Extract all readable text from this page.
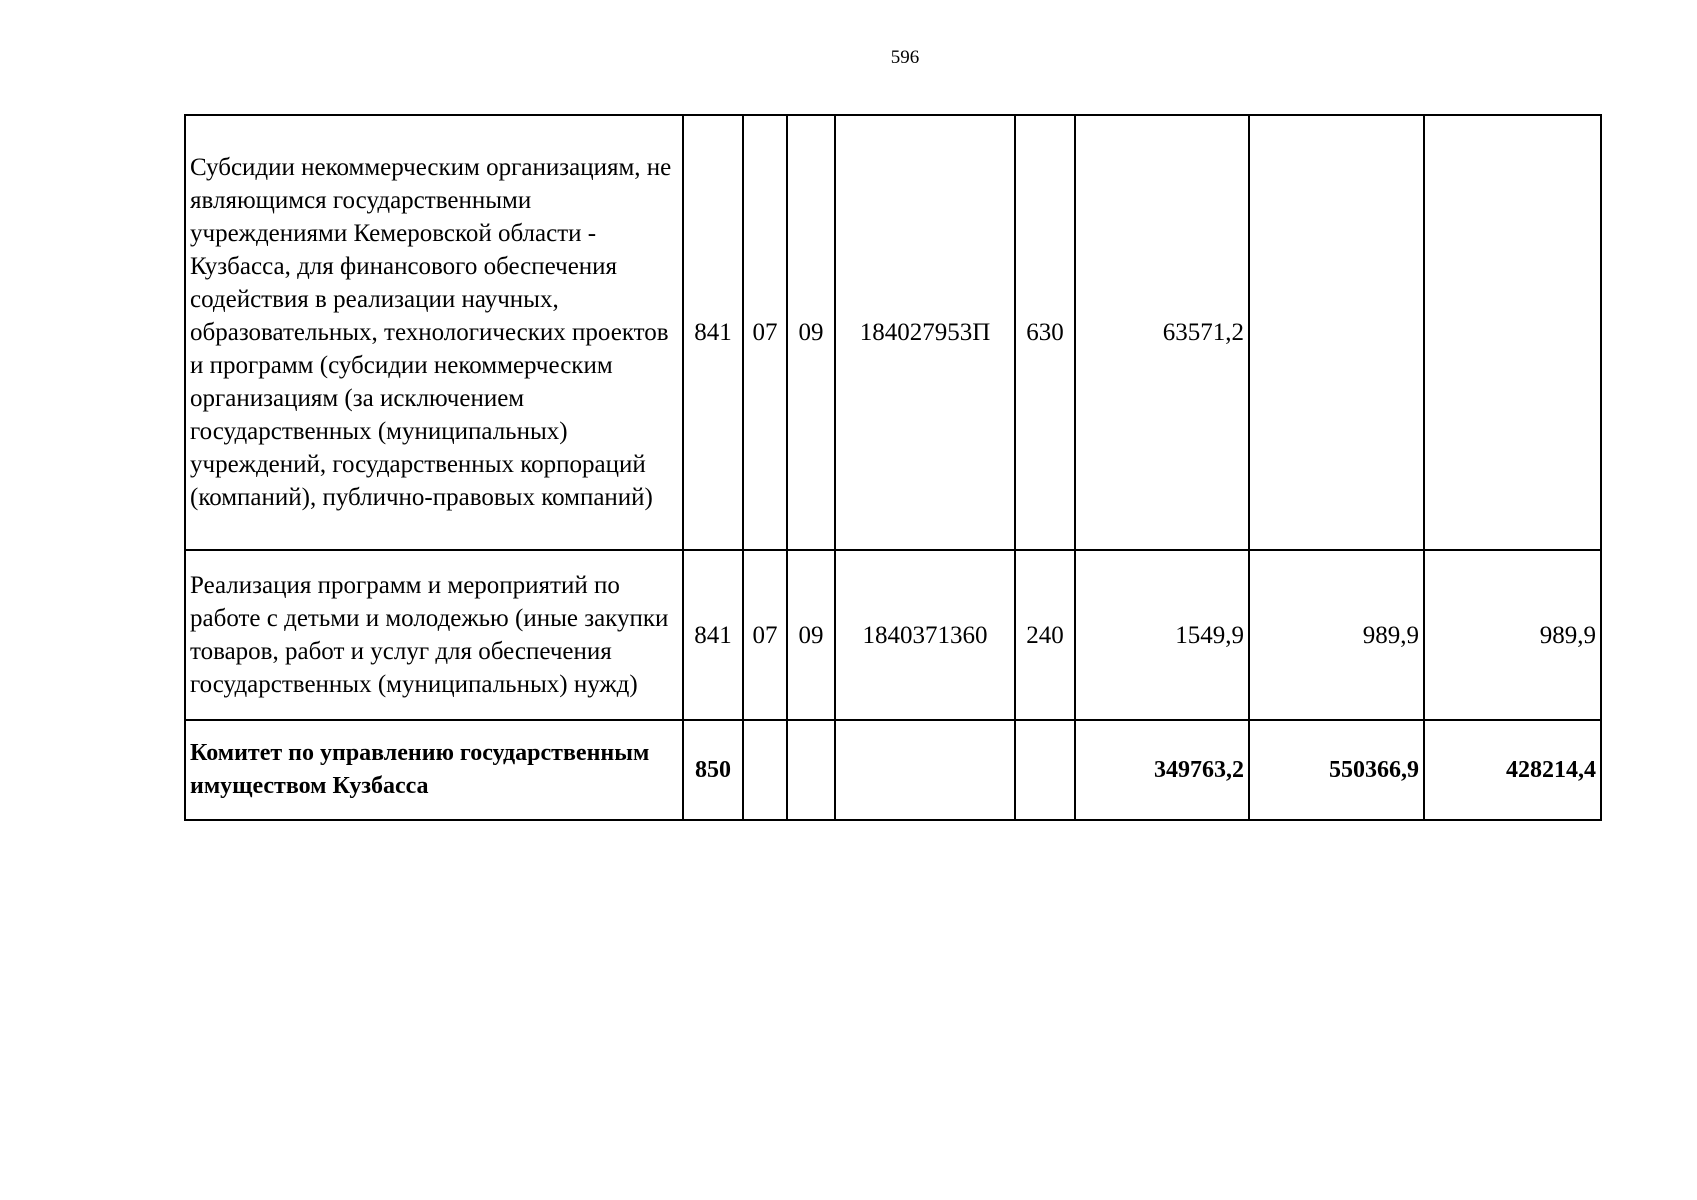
596
Субсидии некоммерческим организациям, не являющимся государственными учреждениями Кемеровской области - Кузбасса, для финансового обеспечения содействия в реализации научных, образовательных, технологических проектов и программ (субсидии некоммерческим организациям (за исключением государственных (муниципальных) учреждений, государственных корпораций (компаний), публично-правовых компаний)	841	07	09	184027953П	630	63571,2		
Реализация программ и мероприятий по работе с детьми и молодежью (иные закупки товаров, работ и услуг для обеспечения государственных (муниципальных) нужд)	841	07	09	1840371360	240	1549,9	989,9	989,9
Комитет по управлению государственным имуществом Кузбасса	850					349763,2	550366,9	428214,4
